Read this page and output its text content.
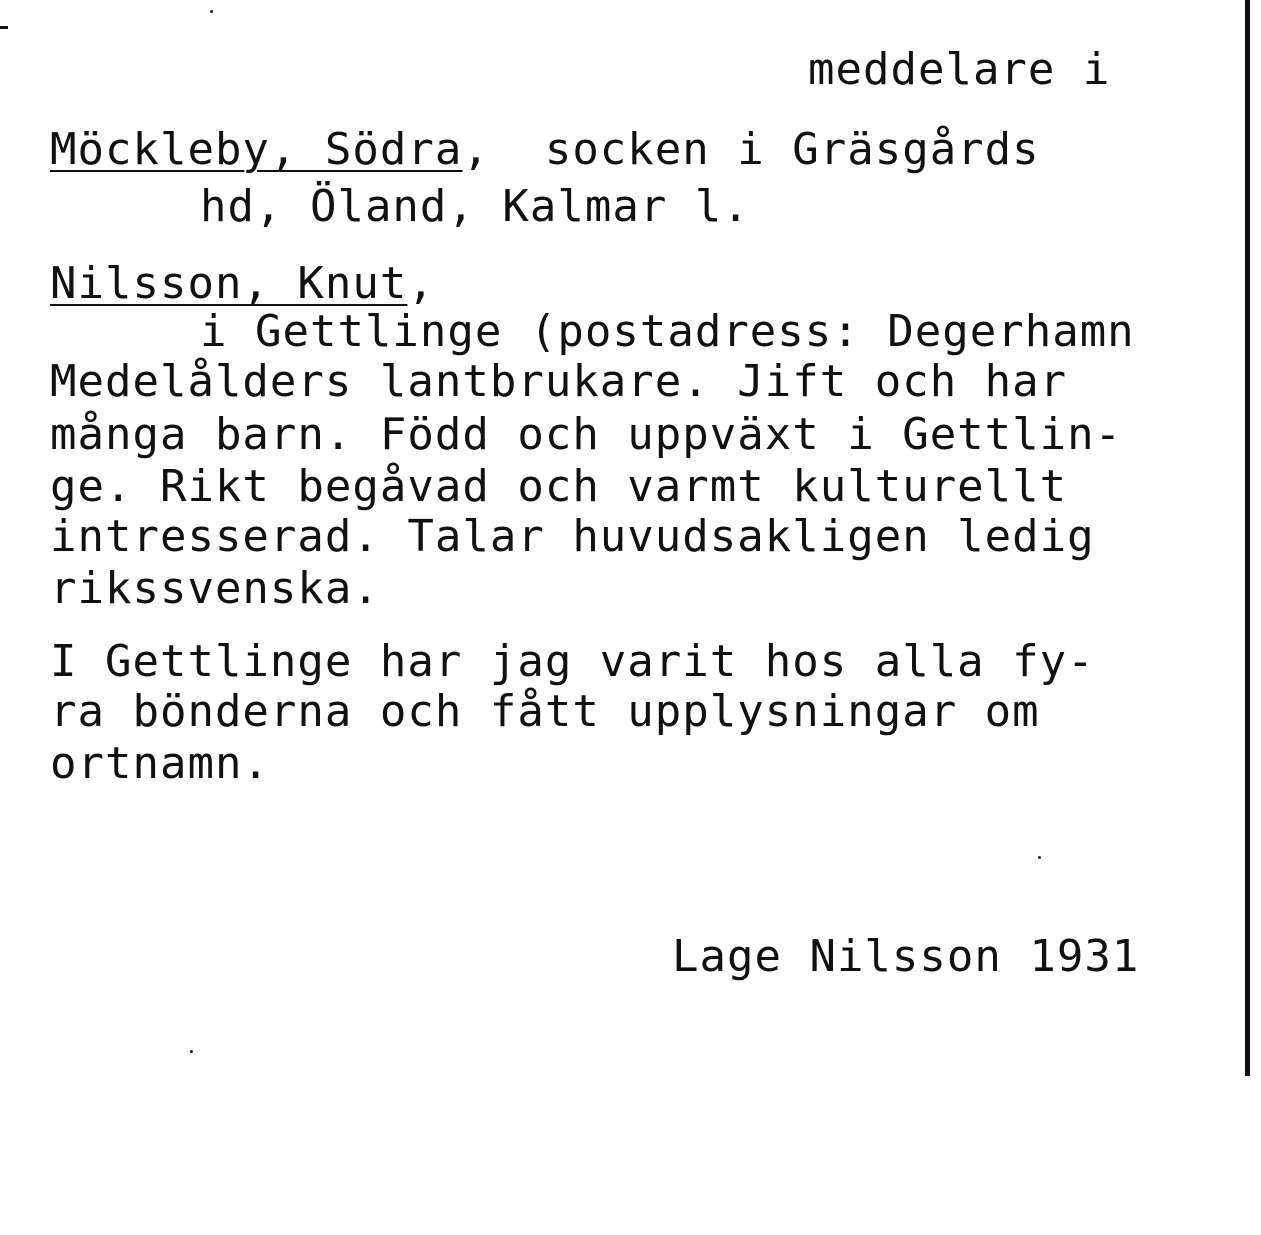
meddelare i

Möckleby, Södra,  socken i Gräsgårds

hd, Öland, Kalmar l.

Nilsson, Knut,

i Gettlinge (postadress: Degerhamn

Medelålders lantbrukare. Jift och har

många barn. Född och uppväxt i Gettlin-

ge. Rikt begåvad och varmt kulturellt

intresserad. Talar huvudsakligen ledig

rikssvenska.

I Gettlinge har jag varit hos alla fy-

ra bönderna och fått upplysningar om

ortnamn.

Lage Nilsson 1931
